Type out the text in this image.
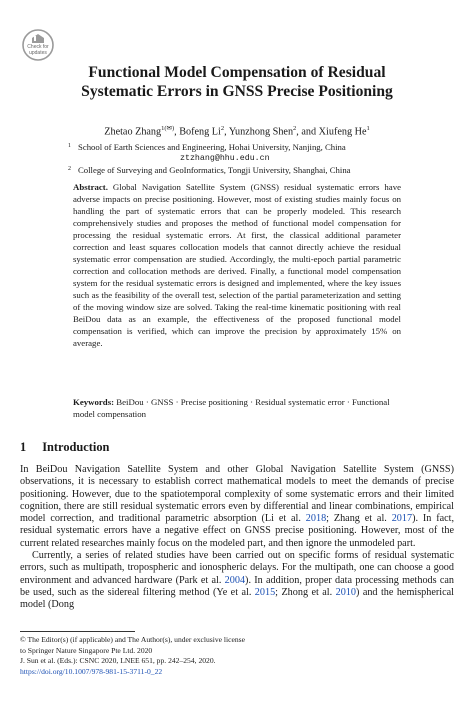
Check for
updates
Functional Model Compensation of Residual
Systematic Errors in GNSS Precise Positioning
Zhetao Zhang$^{1(✉)}$, Bofeng Li$^2$, Yunzhong Shen$^2$, and Xiufeng He$^1$
1 School of Earth Sciences and Engineering, Hohai University, Nanjing, China
ztzhang@hhu.edu.cn
2 College of Surveying and GeoInformatics, Tongji University, Shanghai, China
Abstract. Global Navigation Satellite System (GNSS) residual systematic errors have adverse impacts on precise positioning. However, most of existing studies mainly focus on handling the part of systematic errors that can be properly modeled. This research comprehensively studies and proposes the method of functional model compensation for processing the residual systematic errors. At first, the classical additional parameter correction and least squares collocation models that cannot directly achieve the residual systematic error compensation are studied. Accordingly, the multi-epoch partial parametric correction and collocation methods are derived. Finally, a functional model compensation system for the residual systematic errors is designed and implemented, where the key issues such as the feasibility of the overall test, selection of the partial parameterization and setting of the moving window size are solved. Taking the real-time kinematic positioning with real BeiDou data as an example, the effectiveness of the proposed functional model compensation is verified, which can improve the precision by approximately 15% on average.
Keywords: BeiDou · GNSS · Precise positioning · Residual systematic error · Functional model compensation
1 Introduction

In BeiDou Navigation Satellite System and other Global Navigation Satellite System (GNSS) observations, it is necessary to establish correct mathematical models to meet the demands of precise positioning. However, due to the spatiotemporal complexity of some systematic errors and their limited cognition, there are still residual systematic errors even by differential and linear combinations, empirical model correction, and traditional parametric absorption (Li et al. 2018; Zhang et al. 2017). In fact, residual systematic errors have a negative effect on GNSS precise positioning. However, most of the current related researches mainly focus on the modeled part, and then ignore the unmodeled part.

Currently, a series of related studies have been carried out on specific forms of residual systematic errors, such as multipath, tropospheric and ionospheric delays. For the multipath, one can choose a good environment and advanced hardware (Park et al. 2004). In addition, proper data processing methods can be used, such as the sidereal filtering method (Ye et al. 2015; Zhong et al. 2010) and the hemispherical model (Dong

© The Editor(s) (if applicable) and The Author(s), under exclusive license
to Springer Nature Singapore Pte Ltd. 2020
J. Sun et al. (Eds.): CSNC 2020, LNEE 651, pp. 242–254, 2020.
https://doi.org/10.1007/978-981-15-3711-0_22
